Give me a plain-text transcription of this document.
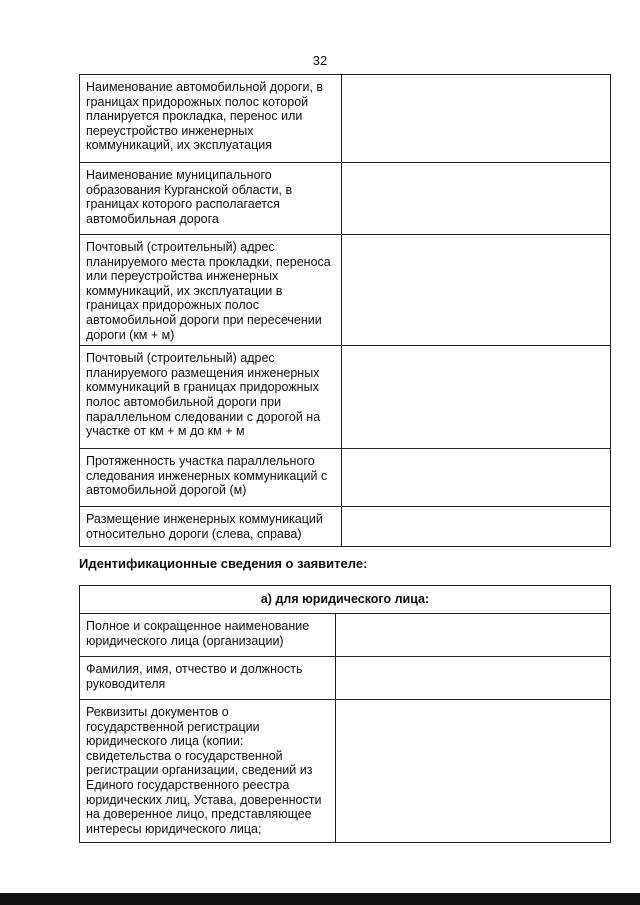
32
Наименование автомобильной дороги, в границах придорожных полос которой планируется прокладка, перенос или переустройство инженерных коммуникаций, их эксплуатация	

Наименование муниципального образования Курганской области, в границах которого располагается автомобильная дорога	

Почтовый (строительный) адрес планируемого места прокладки, переноса или переустройства инженерных коммуникаций, их эксплуатации в границах придорожных полос автомобильной дороги при пересечении дороги (км + м)	

Почтовый (строительный) адрес планируемого размещения инженерных коммуникаций в границах придорожных полос автомобильной дороги при параллельном следовании с дорогой на участке от км + м до км + м	

Протяженность участка параллельного следования инженерных коммуникаций с автомобильной дорогой (м)	

Размещение инженерных коммуникаций относительно дороги (слева, справа)	

Идентификационные сведения о заявителе:
а) для юридического лица:	

Полное и сокращенное наименование юридического лица (организации)	

Фамилия, имя, отчество и должность руководителя	

Реквизиты документов о государственной регистрации юридического лица (копии: свидетельства о государственной регистрации организации, сведений из Единого государственного реестра юридических лиц, Устава, доверенности на доверенное лицо, представляющее интересы юридического лица;	
